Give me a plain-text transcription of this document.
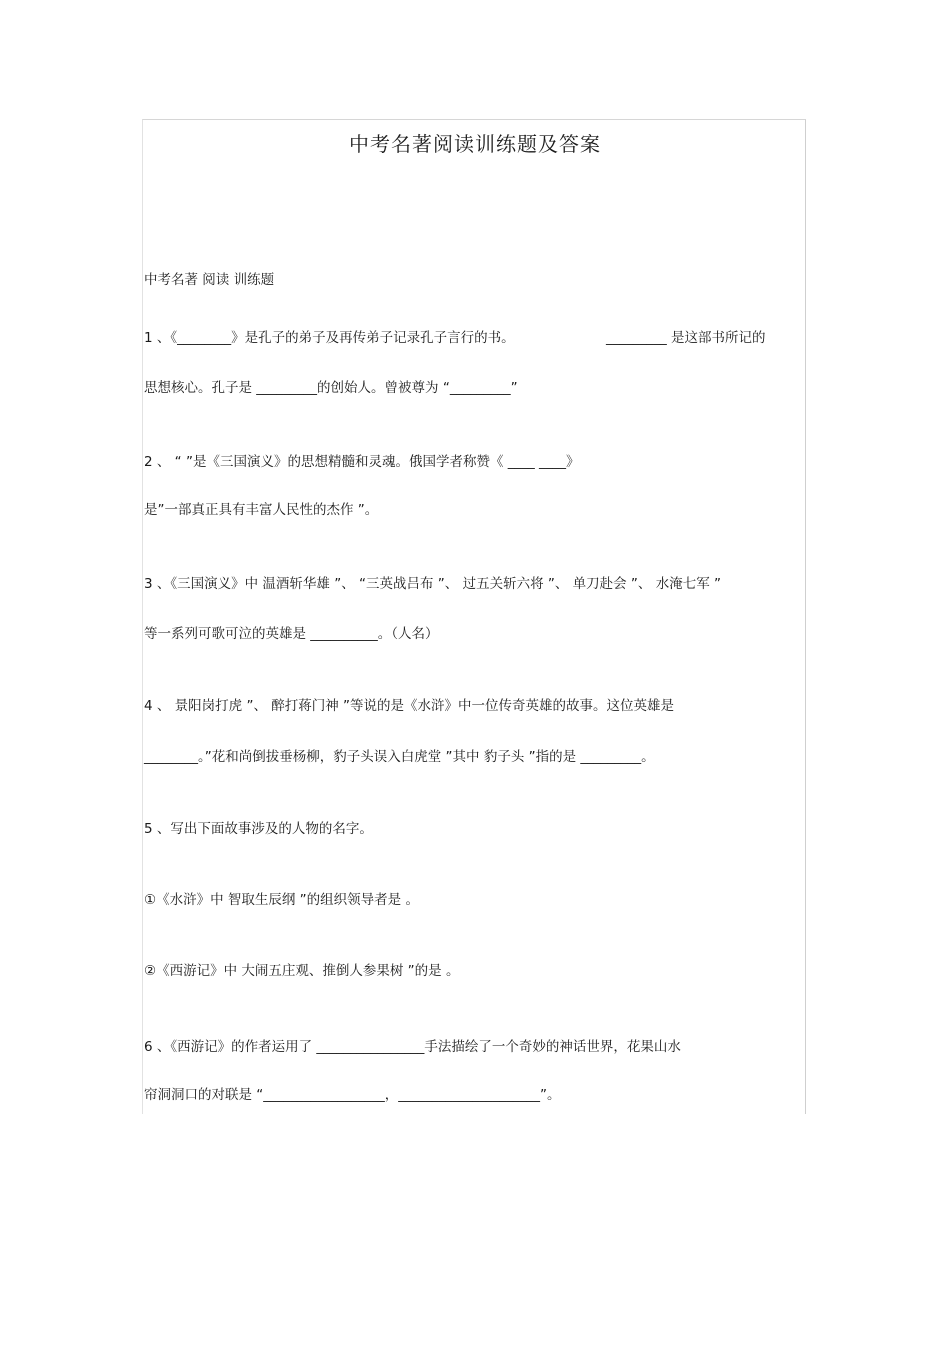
中考名著阅读训练题及答案
中考名著 阅读 训练题
1 、《________》是孔子的弟子及再传弟子记录孔子言行的书。	_________ 是这部书所记的
思想核心。孔子是 _________的创始人。曾被尊为 “_________”
2 、 “ ”是《三国演义》的思想精髓和灵魂。俄国学者称赞《 ____ ____》
是”一部真正具有丰富人民性的杰作 ”。
3 、《三国演义》中 温酒斩华雄 ”、 “三英战吕布 ”、 过五关斩六将 ”、 单刀赴会 ”、 水淹七军 ”
等一系列可歌可泣的英雄是 __________。（人名）
4 、 景阳岗打虎 ”、 醉打蒋门神 ”等说的是《水浒》中一位传奇英雄的故事。这位英雄是
________。”花和尚倒拔垂杨柳，豹子头误入白虎堂 ”其中 豹子头 ”指的是 _________。
5 、写出下面故事涉及的人物的名字。
①《水浒》中 智取生辰纲 ”的组织领导者是 。
②《西游记》中 大闹五庄观、推倒人参果树 ”的是 。
6 、《西游记》的作者运用了 ________________手法描绘了一个奇妙的神话世界，花果山水
帘洞洞口的对联是 “__________________，_____________________”。
